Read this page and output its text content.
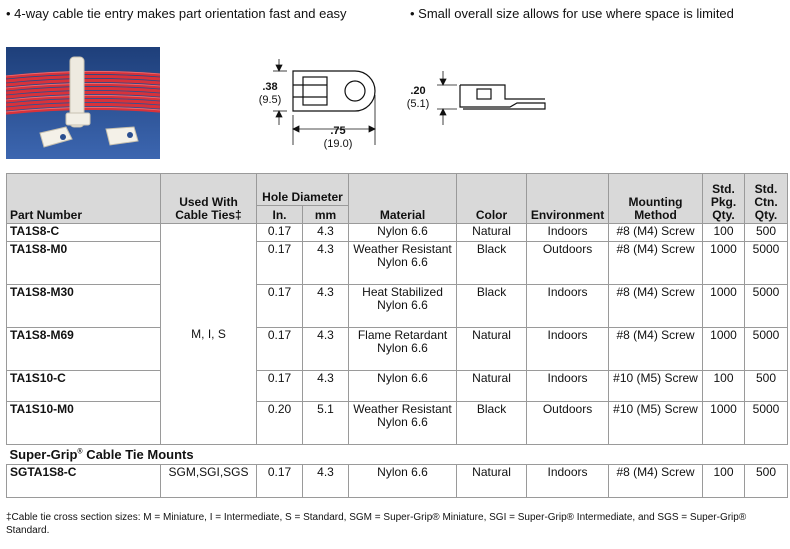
• 4-way cable tie entry makes part orientation fast and easy	• Small overall size allows for use where space is limited
.38
(9.5)
.75
(19.0)
.20
(5.1)
Part Number	Used With Cable Ties‡	Hole Diameter		Material	Color	Environment	Mounting Method	Std. Pkg. Qty.	Std. Ctn. Qty.
		In.	mm						
TA1S8-C	M, I, S	0.17	4.3	Nylon 6.6	Natural	Indoors	#8 (M4) Screw	100	500
TA1S8-M0		0.17	4.3	Weather Resistant Nylon 6.6	Black	Outdoors	#8 (M4) Screw	1000	5000
TA1S8-M30		0.17	4.3	Heat Stabilized Nylon 6.6	Black	Indoors	#8 (M4) Screw	1000	5000
TA1S8-M69		0.17	4.3	Flame Retardant Nylon 6.6	Natural	Indoors	#8 (M4) Screw	1000	5000
TA1S10-C		0.17	4.3	Nylon 6.6	Natural	Indoors	#10 (M5) Screw	100	500
TA1S10-M0		0.20	5.1	Weather Resistant Nylon 6.6	Black	Outdoors	#10 (M5) Screw	1000	5000
Super-Grip® Cable Tie Mounts									
SGTA1S8-C	SGM,SGI,SGS	0.17	4.3	Nylon 6.6	Natural	Indoors	#8 (M4) Screw	100	500
‡Cable tie cross section sizes: M = Miniature, I = Intermediate, S = Standard, SGM = Super-Grip® Miniature, SGI = Super-Grip® Intermediate, and SGS = Super-Grip® Standard.
